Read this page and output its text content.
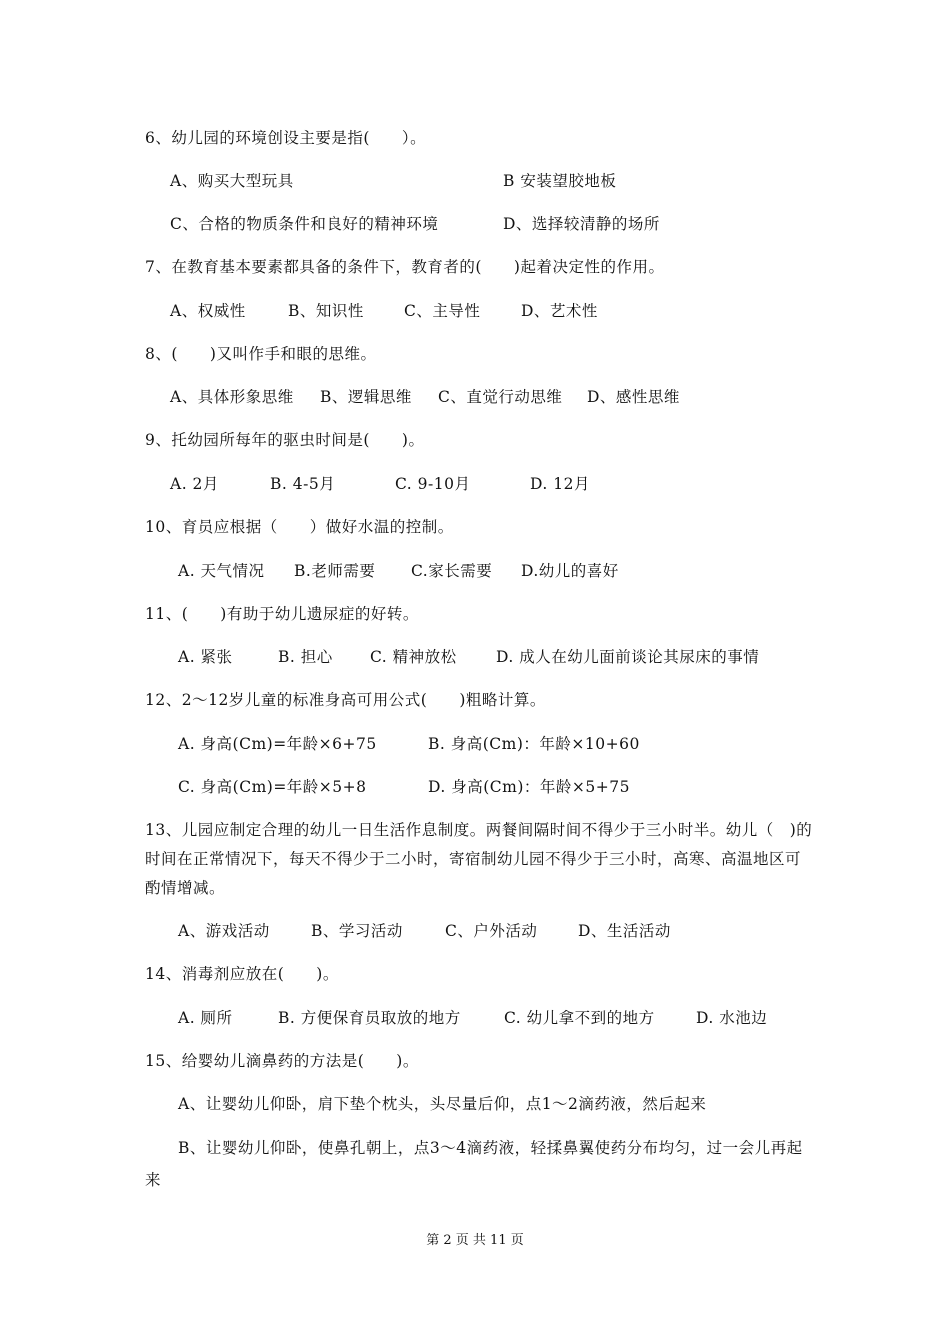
6、幼儿园的环境创设主要是指(　　）。
A、购买大型玩具	B 安装望胶地板
C、合格的物质条件和良好的精神环境	D、选择较清静的场所
7、在教育基本要素都具备的条件下，教育者的(　　)起着决定性的作用。
A、权威性	B、知识性	C、主导性	D、艺术性
8、(　　)又叫作手和眼的思维。
A、具体形象思维 B、逻辑思维 C、直觉行动思维 D、感性思维
9、托幼园所每年的驱虫时间是(　　)。
A. 2月	B. 4-5月	C. 9-10月	D. 12月
10、育员应根据（　　）做好水温的控制。
A. 天气情况 B.老师需要 C.家长需要 D.幼儿的喜好
11、(　　)有助于幼儿遗尿症的好转。
A. 紧张	B. 担心 C. 精神放松	D. 成人在幼儿面前谈论其尿床的事情
12、2～12岁儿童的标准身高可用公式(　　)粗略计算。
A. 身高(Cm)=年龄×6+75	B. 身高(Cm)：年龄×10+60
C. 身高(Cm)=年龄×5+8	D. 身高(Cm)：年龄×5+75
13、儿园应制定合理的幼儿一日生活作息制度。两餐间隔时间不得少于三小时半。幼儿（　)的时间在正常情况下，每天不得少于二小时，寄宿制幼儿园不得少于三小时，高寒、高温地区可酌情增减。
A、游戏活动	B、学习活动	C、户外活动	D、生活活动
14、消毒剂应放在(　　)。
A. 厕所	B. 方便保育员取放的地方	C. 幼儿拿不到的地方	D. 水池边
15、给婴幼儿滴鼻药的方法是(　　)。
A、让婴幼儿仰卧，肩下垫个枕头，头尽量后仰，点1～2滴药液，然后起来
B、让婴幼儿仰卧，使鼻孔朝上，点3～4滴药液，轻揉鼻翼使药分布均匀，过一会儿再起来
第 2 页 共 11 页
